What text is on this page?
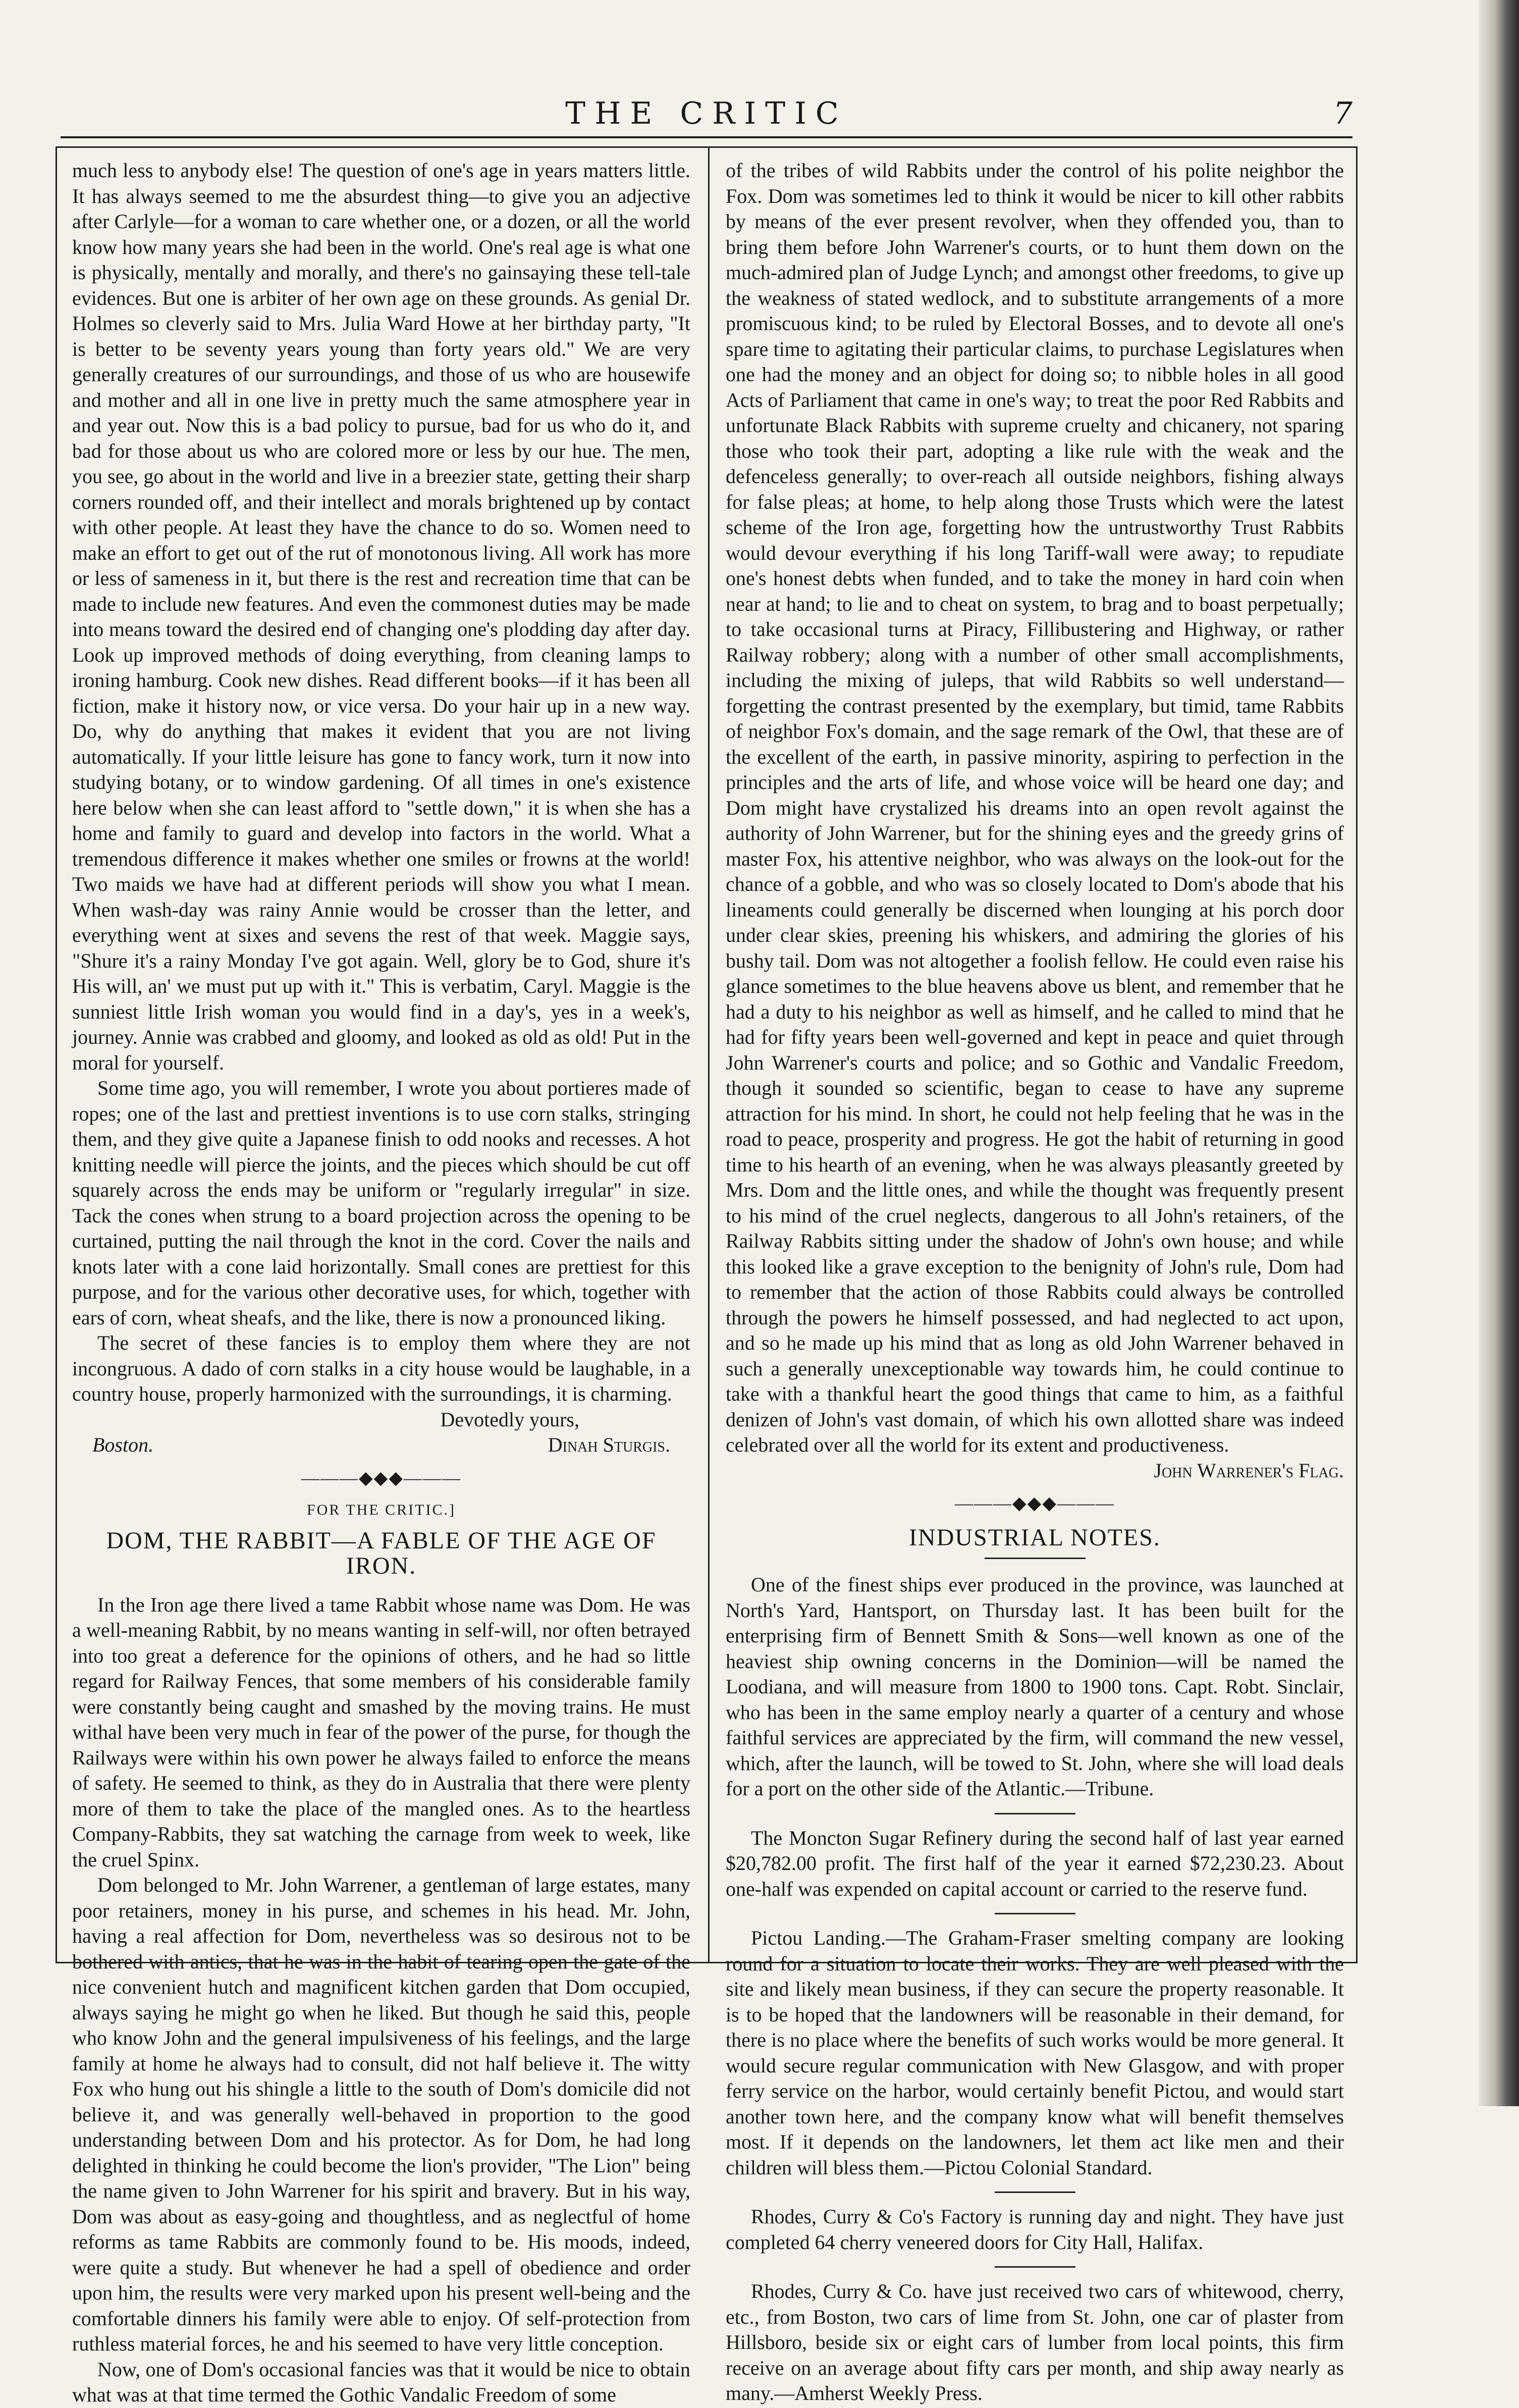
THE CRITIC	7

much less to anybody else! The question of one's age in years matters little. It has always seemed to me the absurdest thing—to give you an adjective after Carlyle—for a woman to care whether one, or a dozen, or all the world know how many years she had been in the world. One's real age is what one is physically, mentally and morally, and there's no gainsaying these tell-tale evidences. But one is arbiter of her own age on these grounds. As genial Dr. Holmes so cleverly said to Mrs. Julia Ward Howe at her birthday party, "It is better to be seventy years young than forty years old." We are very generally creatures of our surroundings, and those of us who are housewife and mother and all in one live in pretty much the same atmosphere year in and year out. Now this is a bad policy to pursue, bad for us who do it, and bad for those about us who are colored more or less by our hue. The men, you see, go about in the world and live in a breezier state, getting their sharp corners rounded off, and their intellect and morals brightened up by contact with other people. At least they have the chance to do so. Women need to make an effort to get out of the rut of monotonous living. All work has more or less of sameness in it, but there is the rest and recreation time that can be made to include new features. And even the commonest duties may be made into means toward the desired end of changing one's plodding day after day. Look up improved methods of doing everything, from cleaning lamps to ironing hamburg. Cook new dishes. Read different books—if it has been all fiction, make it history now, or vice versa. Do your hair up in a new way. Do, why do anything that makes it evident that you are not living automatically. If your little leisure has gone to fancy work, turn it now into studying botany, or to window gardening. Of all times in one's existence here below when she can least afford to "settle down," it is when she has a home and family to guard and develop into factors in the world. What a tremendous difference it makes whether one smiles or frowns at the world! Two maids we have had at different periods will show you what I mean. When wash-day was rainy Annie would be crosser than the letter, and everything went at sixes and sevens the rest of that week. Maggie says, "Shure it's a rainy Monday I've got again. Well, glory be to God, shure it's His will, an' we must put up with it." This is verbatim, Caryl. Maggie is the sunniest little Irish woman you would find in a day's, yes in a week's, journey. Annie was crabbed and gloomy, and looked as old as old! Put in the moral for yourself.

Some time ago, you will remember, I wrote you about portieres made of ropes; one of the last and prettiest inventions is to use corn stalks, stringing them, and they give quite a Japanese finish to odd nooks and recesses. A hot knitting needle will pierce the joints, and the pieces which should be cut off squarely across the ends may be uniform or "regularly irregular" in size. Tack the cones when strung to a board projection across the opening to be curtained, putting the nail through the knot in the cord. Cover the nails and knots later with a cone laid horizontally. Small cones are prettiest for this purpose, and for the various other decorative uses, for which, together with ears of corn, wheat sheafs, and the like, there is now a pronounced liking.

The secret of these fancies is to employ them where they are not incongruous. A dado of corn stalks in a city house would be laughable, in a country house, properly harmonized with the surroundings, it is charming.

Devotedly yours,

Boston.	Dinah Sturgis.
———◆◆◆———
FOR THE CRITIC.]
DOM, THE RABBIT—A FABLE OF THE AGE OF IRON.

In the Iron age there lived a tame Rabbit whose name was Dom. He was a well-meaning Rabbit, by no means wanting in self-will, nor often betrayed into too great a deference for the opinions of others, and he had so little regard for Railway Fences, that some members of his considerable family were constantly being caught and smashed by the moving trains. He must withal have been very much in fear of the power of the purse, for though the Railways were within his own power he always failed to enforce the means of safety. He seemed to think, as they do in Australia that there were plenty more of them to take the place of the mangled ones. As to the heartless Company-Rabbits, they sat watching the carnage from week to week, like the cruel Spinx.

Dom belonged to Mr. John Warrener, a gentleman of large estates, many poor retainers, money in his purse, and schemes in his head. Mr. John, having a real affection for Dom, nevertheless was so desirous not to be bothered with antics, that he was in the habit of tearing open the gate of the nice convenient hutch and magnificent kitchen garden that Dom occupied, always saying he might go when he liked. But though he said this, people who know John and the general impulsiveness of his feelings, and the large family at home he always had to consult, did not half believe it. The witty Fox who hung out his shingle a little to the south of Dom's domicile did not believe it, and was generally well-behaved in proportion to the good understanding between Dom and his protector. As for Dom, he had long delighted in thinking he could become the lion's provider, "The Lion" being the name given to John Warrener for his spirit and bravery. But in his way, Dom was about as easy-going and thoughtless, and as neglectful of home reforms as tame Rabbits are commonly found to be. His moods, indeed, were quite a study. But whenever he had a spell of obedience and order upon him, the results were very marked upon his present well-being and the comfortable dinners his family were able to enjoy. Of self-protection from ruthless material forces, he and his seemed to have very little conception.

Now, one of Dom's occasional fancies was that it would be nice to obtain what was at that time termed the Gothic Vandalic Freedom of some

of the tribes of wild Rabbits under the control of his polite neighbor the Fox. Dom was sometimes led to think it would be nicer to kill other rabbits by means of the ever present revolver, when they offended you, than to bring them before John Warrener's courts, or to hunt them down on the much-admired plan of Judge Lynch; and amongst other freedoms, to give up the weakness of stated wedlock, and to substitute arrangements of a more promiscuous kind; to be ruled by Electoral Bosses, and to devote all one's spare time to agitating their particular claims, to purchase Legislatures when one had the money and an object for doing so; to nibble holes in all good Acts of Parliament that came in one's way; to treat the poor Red Rabbits and unfortunate Black Rabbits with supreme cruelty and chicanery, not sparing those who took their part, adopting a like rule with the weak and the defenceless generally; to over-reach all outside neighbors, fishing always for false pleas; at home, to help along those Trusts which were the latest scheme of the Iron age, forgetting how the untrustworthy Trust Rabbits would devour everything if his long Tariff-wall were away; to repudiate one's honest debts when funded, and to take the money in hard coin when near at hand; to lie and to cheat on system, to brag and to boast perpetually; to take occasional turns at Piracy, Fillibustering and Highway, or rather Railway robbery; along with a number of other small accomplishments, including the mixing of juleps, that wild Rabbits so well understand—forgetting the contrast presented by the exemplary, but timid, tame Rabbits of neighbor Fox's domain, and the sage remark of the Owl, that these are of the excellent of the earth, in passive minority, aspiring to perfection in the principles and the arts of life, and whose voice will be heard one day; and Dom might have crystalized his dreams into an open revolt against the authority of John Warrener, but for the shining eyes and the greedy grins of master Fox, his attentive neighbor, who was always on the look-out for the chance of a gobble, and who was so closely located to Dom's abode that his lineaments could generally be discerned when lounging at his porch door under clear skies, preening his whiskers, and admiring the glories of his bushy tail. Dom was not altogether a foolish fellow. He could even raise his glance sometimes to the blue heavens above us blent, and remember that he had a duty to his neighbor as well as himself, and he called to mind that he had for fifty years been well-governed and kept in peace and quiet through John Warrener's courts and police; and so Gothic and Vandalic Freedom, though it sounded so scientific, began to cease to have any supreme attraction for his mind. In short, he could not help feeling that he was in the road to peace, prosperity and progress. He got the habit of returning in good time to his hearth of an evening, when he was always pleasantly greeted by Mrs. Dom and the little ones, and while the thought was frequently present to his mind of the cruel neglects, dangerous to all John's retainers, of the Railway Rabbits sitting under the shadow of John's own house; and while this looked like a grave exception to the benignity of John's rule, Dom had to remember that the action of those Rabbits could always be controlled through the powers he himself possessed, and had neglected to act upon, and so he made up his mind that as long as old John Warrener behaved in such a generally unexceptionable way towards him, he could continue to take with a thankful heart the good things that came to him, as a faithful denizen of John's vast domain, of which his own allotted share was indeed celebrated over all the world for its extent and productiveness.

John Warrener's Flag.

———◆◆◆———
INDUSTRIAL NOTES.

One of the finest ships ever produced in the province, was launched at North's Yard, Hantsport, on Thursday last. It has been built for the enterprising firm of Bennett Smith & Sons—well known as one of the heaviest ship owning concerns in the Dominion—will be named the Loodiana, and will measure from 1800 to 1900 tons. Capt. Robt. Sinclair, who has been in the same employ nearly a quarter of a century and whose faithful services are appreciated by the firm, will command the new vessel, which, after the launch, will be towed to St. John, where she will load deals for a port on the other side of the Atlantic.—Tribune.

The Moncton Sugar Refinery during the second half of last year earned $20,782.00 profit. The first half of the year it earned $72,230.23. About one-half was expended on capital account or carried to the reserve fund.

Pictou Landing.—The Graham-Fraser smelting company are looking round for a situation to locate their works. They are well pleased with the site and likely mean business, if they can secure the property reasonable. It is to be hoped that the landowners will be reasonable in their demand, for there is no place where the benefits of such works would be more general. It would secure regular communication with New Glasgow, and with proper ferry service on the harbor, would certainly benefit Pictou, and would start another town here, and the company know what will benefit themselves most. If it depends on the landowners, let them act like men and their children will bless them.—Pictou Colonial Standard.

Rhodes, Curry & Co's Factory is running day and night. They have just completed 64 cherry veneered doors for City Hall, Halifax.

Rhodes, Curry & Co. have just received two cars of whitewood, cherry, etc., from Boston, two cars of lime from St. John, one car of plaster from Hillsboro, beside six or eight cars of lumber from local points, this firm receive on an average about fifty cars per month, and ship away nearly as many.—Amherst Weekly Press.
